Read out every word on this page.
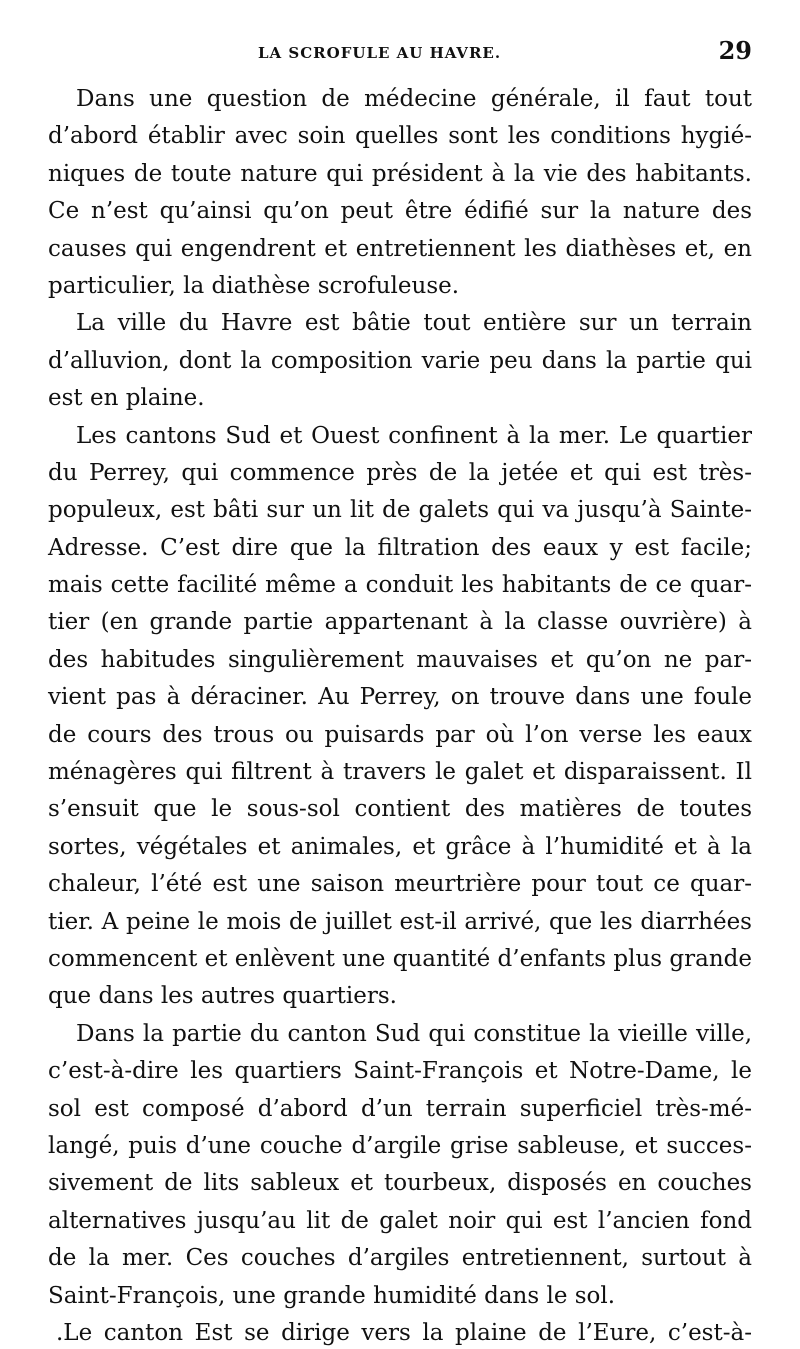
LA SCROFULE AU HAVRE.	29
Dans une question de médecine générale, il faut tout
d’abord établir avec soin quelles sont les conditions hygié-
niques de toute nature qui président à la vie des habitants.
Ce n’est qu’ainsi qu’on peut être édifié sur la nature des
causes qui engendrent et entretiennent les diathèses et, en
particulier, la diathèse scrofuleuse.
La ville du Havre est bâtie tout entière sur un terrain
d’alluvion, dont la composition varie peu dans la partie qui
est en plaine.
Les cantons Sud et Ouest confinent à la mer. Le quartier
du Perrey, qui commence près de la jetée et qui est très-
populeux, est bâti sur un lit de galets qui va jusqu’à Sainte-
Adresse. C’est dire que la filtration des eaux y est facile;
mais cette facilité même a conduit les habitants de ce quar-
tier (en grande partie appartenant à la classe ouvrière) à
des habitudes singulièrement mauvaises et qu’on ne par-
vient pas à déraciner. Au Perrey, on trouve dans une foule
de cours des trous ou puisards par où l’on verse les eaux
ménagères qui filtrent à travers le galet et disparaissent. Il
s’ensuit que le sous-sol contient des matières de toutes
sortes, végétales et animales, et grâce à l’humidité et à la
chaleur, l’été est une saison meurtrière pour tout ce quar-
tier. A peine le mois de juillet est-il arrivé, que les diarrhées
commencent et enlèvent une quantité d’enfants plus grande
que dans les autres quartiers.
Dans la partie du canton Sud qui constitue la vieille ville,
c’est-à-dire les quartiers Saint-François et Notre-Dame, le
sol est composé d’abord d’un terrain superficiel très-mé-
langé, puis d’une couche d’argile grise sableuse, et succes-
sivement de lits sableux et tourbeux, disposés en couches
alternatives jusqu’au lit de galet noir qui est l’ancien fond
de la mer. Ces couches d’argiles entretiennent, surtout à
Saint-François, une grande humidité dans le sol.
.Le canton Est se dirige vers la plaine de l’Eure, c’est-à-
